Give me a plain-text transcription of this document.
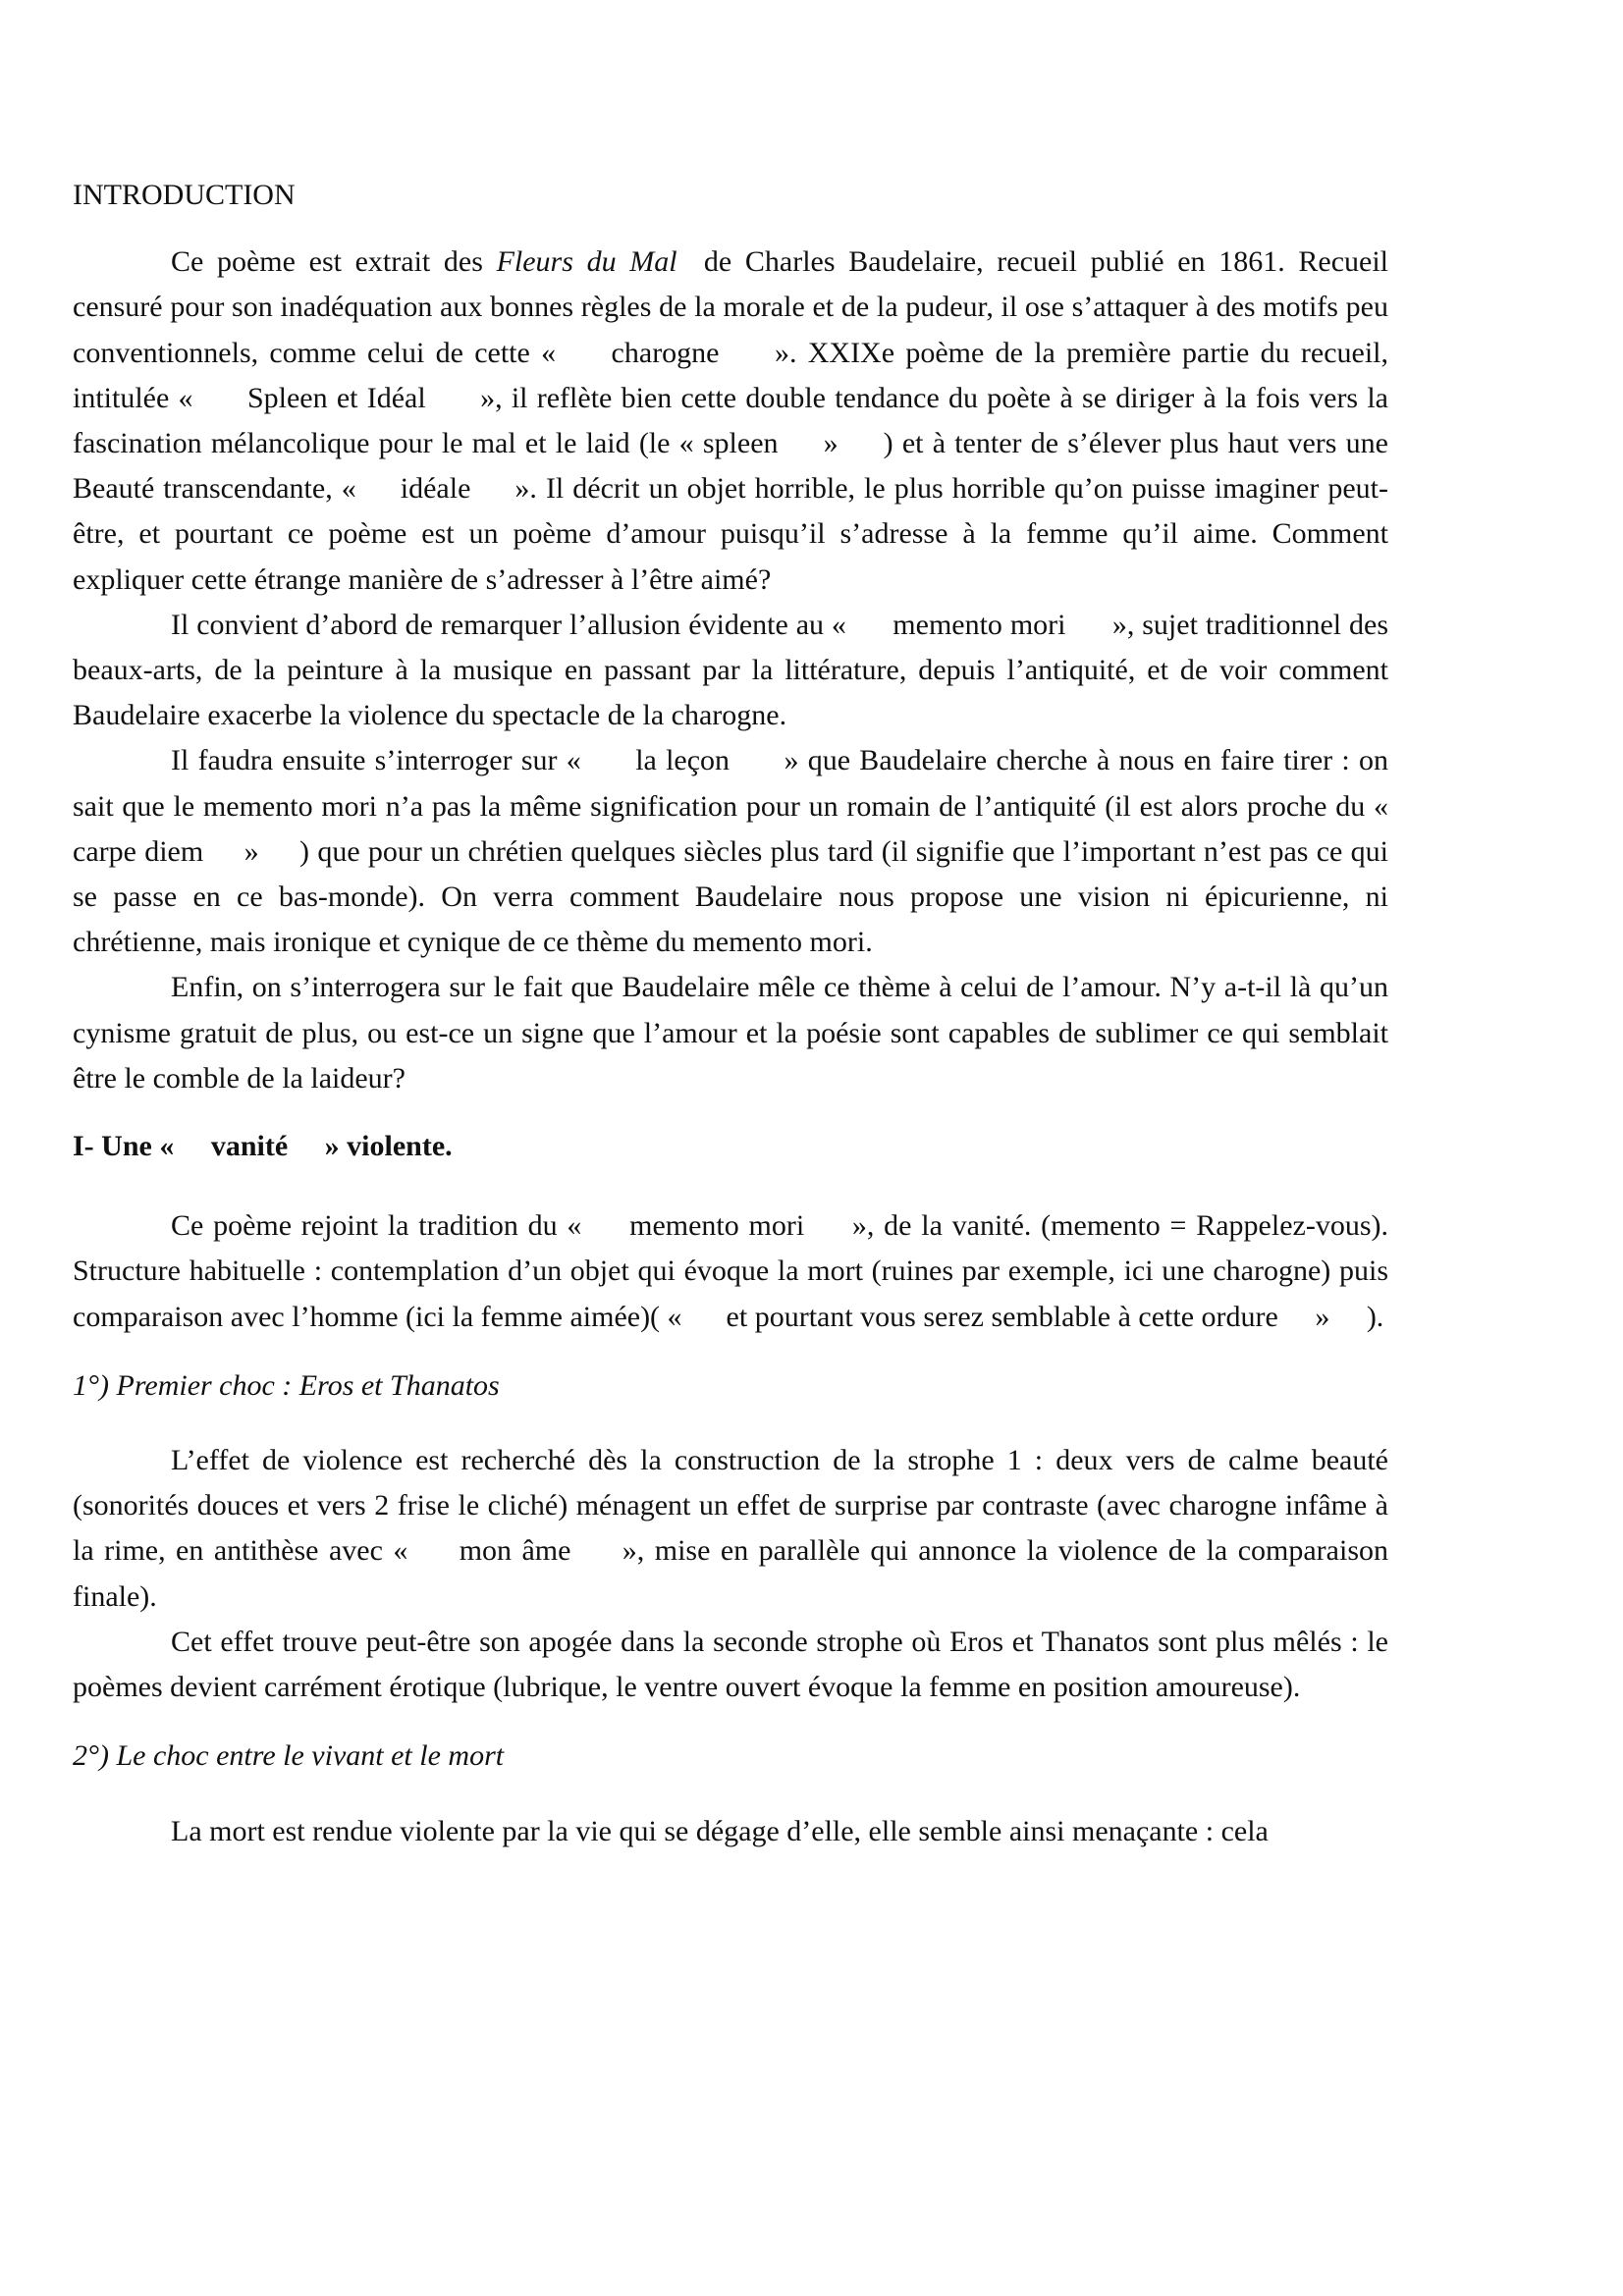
INTRODUCTION

Ce poème est extrait des Fleurs du Mal  de Charles Baudelaire, recueil publié en 1861. Recueil censuré pour son inadéquation aux bonnes règles de la morale et de la pudeur, il ose s’attaquer à des motifs peu conventionnels, comme celui de cette «     charogne     ». XXIXe poème de la première partie du recueil, intitulée «      Spleen et Idéal      », il reflète bien cette double tendance du poète à se diriger à la fois vers la fascination mélancolique pour le mal et le laid (le « spleen     »     ) et à tenter de s’élever plus haut vers une Beauté transcendante, «     idéale     ». Il décrit un objet horrible, le plus horrible qu’on puisse imaginer peut-être, et pourtant ce poème est un poème d’amour puisqu’il s’adresse à la femme qu’il aime. Comment expliquer cette étrange manière de s’adresser à l’être aimé?

Il convient d’abord de remarquer l’allusion évidente au «      memento mori      », sujet traditionnel des beaux-arts, de la peinture à la musique en passant par la littérature, depuis l’antiquité, et de voir comment Baudelaire exacerbe la violence du spectacle de la charogne.

Il faudra ensuite s’interroger sur «      la leçon      » que Baudelaire cherche à nous en faire tirer : on sait que le memento mori n’a pas la même signification pour un romain de l’antiquité (il est alors proche du «     carpe diem     »     ) que pour un chrétien quelques siècles plus tard (il signifie que l’important n’est pas ce qui se passe en ce bas-monde). On verra comment Baudelaire nous propose une vision ni épicurienne, ni chrétienne, mais ironique et cynique de ce thème du memento mori.

Enfin, on s’interrogera sur le fait que Baudelaire mêle ce thème à celui de l’amour. N’y a-t-il là qu’un cynisme gratuit de plus, ou est-ce un signe que l’amour et la poésie sont capables de sublimer ce qui semblait être le comble de la laideur?

I- Une «     vanité     » violente.

Ce poème rejoint la tradition du «     memento mori     », de la vanité. (memento = Rappelez-vous). Structure habituelle : contemplation d’un objet qui évoque la mort (ruines par exemple, ici une charogne) puis comparaison avec l’homme (ici la femme aimée)( «      et pourtant vous serez semblable à cette ordure     »     ).

1°) Premier choc : Eros et Thanatos

L’effet de violence est recherché dès la construction de la strophe 1 : deux vers de calme beauté (sonorités douces et vers 2 frise le cliché) ménagent un effet de surprise par contraste (avec charogne infâme à la rime, en antithèse avec «     mon âme     », mise en parallèle qui annonce la violence de la comparaison finale).

Cet effet trouve peut-être son apogée dans la seconde strophe où Eros et Thanatos sont plus mêlés : le poèmes devient carrément érotique (lubrique, le ventre ouvert évoque la femme en position amoureuse).

2°) Le choc entre le vivant et le mort

La mort est rendue violente par la vie qui se dégage d’elle, elle semble ainsi menaçante : cela
